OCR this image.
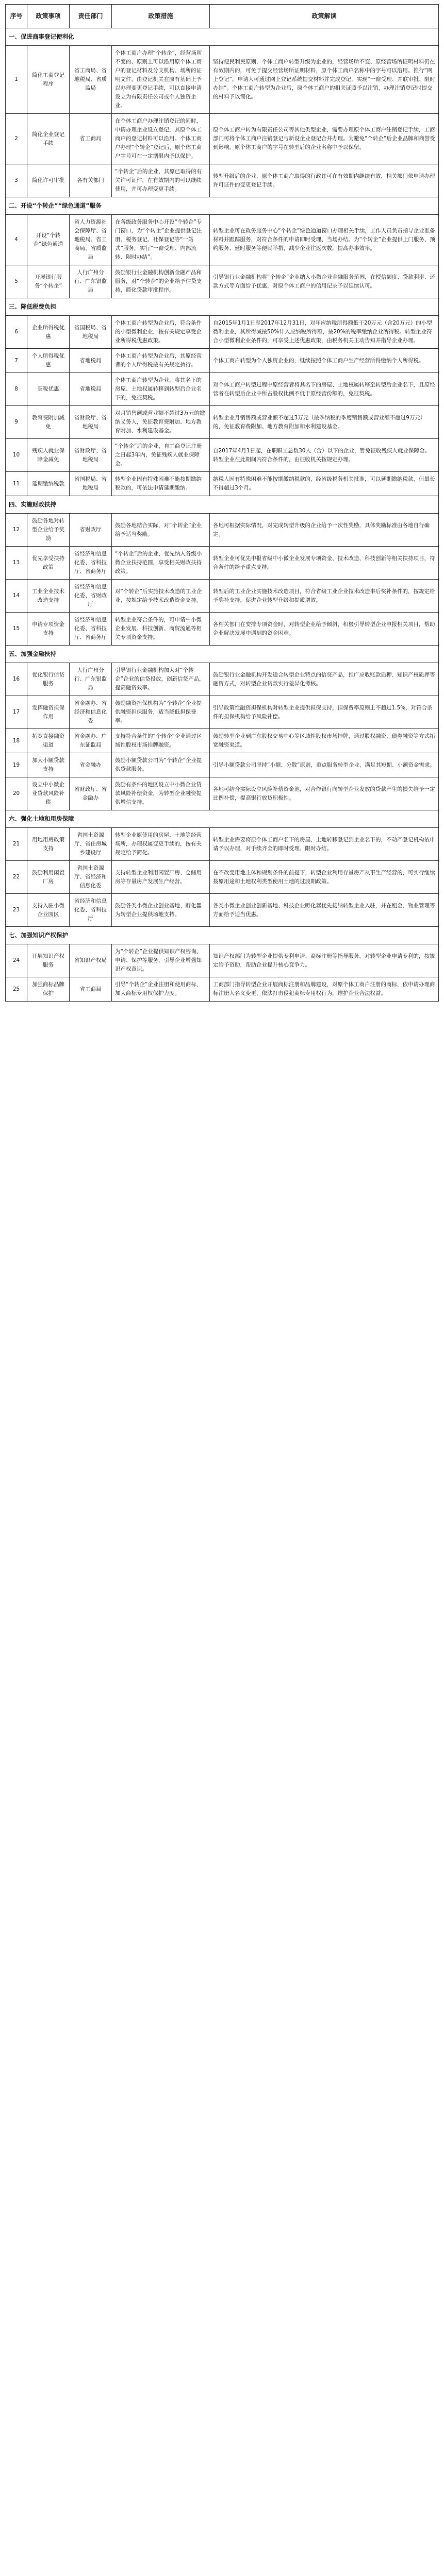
序号	政策事项	责任部门	政策措施	政策解读
一、促进商事登记便利化				
1	简化工商登记程序	省工商局、省地税局、省质监局	个体工商户办理“个转企”，经营场所不变的、原则上可以沿用原个体工商户的登记材料及分支机构、场所的证明文件，由登记机关在原有基础上予以办理变更登记手续，可以直接申请设立为有限责任公司或个人独资企业。	坚持便民利民原则，个体工商户转型升级为企业的，经营场所不变、原经营场所证明材料仍在有效期内的，可免于提交经营场所证明材料，原个体工商户名称中的字号可以沿用。推行“网上登记”，申请人可通过网上登记系统提交材料并完成登记，实现“一窗受理、并联审批、限时办结”。个体工商户转型为企业后，原个体工商户的相关证照予以注销，办理注销登记时提交的材料予以简化。
2	简化企业登记手续	省工商局	在个体工商户办理注销登记的同时，申请办理企业设立登记，其原个体工商户的登记材料可以沿用。个体工商户办理“个转企”登记后，原个体工商户字号可在一定期限内予以保护。	原个体工商户转为有限责任公司等其他类型企业，需要办理原个体工商户注销登记手续，工商部门可将个体工商户注销登记与新设企业登记合并办理。为避免“个转企”后企业品牌和商誉受到影响，原个体工商户的字号在转型后的企业名称中予以保留。
3	简化许可审批	各有关部门	“个转企”后的企业，其原已取得的有关许可证件，在有效期内的可以继续使用，并可办理变更手续。	转型升级后的企业，原个体工商户取得的行政许可在有效期内继续有效，相关部门依申请办理许可证件的变更登记手续。
二、开设“个转企”“绿色通道”服务				
4	开设“个转企”绿色通道	省人力资源社会保障厅、省地税局、省工商局、省质监局	在各级政务服务中心开设“个转企”专门窗口，为“个转企”企业提供登记注册、税务登记、社保登记等“一站式”服务，实行“一窗受理、内部流转、限时办结”。	转型企业可在政务服务中心“个转企”绿色通道窗口办理相关手续，工作人员负责指导企业准备材料并跟踪服务，对符合条件的申请即时受理、当场办结。为“个转企”企业提供上门服务、预约服务、延时服务等便民举措，减少企业往返次数，提高办事效率。
5	开展银行服务“个转企”	人行广州分行、广东银监局	鼓励银行业金融机构创新金融产品和服务，对“个转企”的企业给予信贷支持，简化贷款审批程序。	引导银行业金融机构将“个转企”企业纳入小微企业金融服务范围，在授信额度、贷款利率、还款方式等方面给予优惠，对原个体工商户的信用记录予以延续认可。
三、降低税费负担				
6	企业所得税优惠	省国税局、省地税局	个体工商户转型为企业后，符合条件的小型微利企业，按有关规定享受企业所得税优惠政策。	自2015年1月1日至2017年12月31日，对年应纳税所得额低于20万元（含20万元）的小型微利企业，其所得减按50%计入应纳税所得额，按20%的税率缴纳企业所得税。转型企业符合小型微利企业条件的，可享受上述优惠政策，由税务机关主动告知并指导企业办理。
7	个人所得税优惠	省地税局	个体工商户转型为企业后，其原经营者的个人所得税按有关规定执行。	个体工商户转型为个人独资企业的，继续按照个体工商户生产经营所得缴纳个人所得税。
8	契税优惠	省地税局	个体工商户转型为企业，将其名下的房屋、土地权属转移到转型后企业名下的，免征契税。	对个体工商户转型过程中原经营者将其名下的房屋、土地权属转移至转型后企业名下，且原经营者在转型后企业中所占股权比例不低于原经营份额的，免征契税。
9	教育费附加减免	省财政厅、省地税局	对月销售额或营业额不超过3万元的缴纳义务人，免征教育费附加、地方教育附加、水利建设基金。	转型企业月销售额或营业额不超过3万元（按季纳税的季度销售额或营业额不超过9万元）的，免征教育费附加、地方教育附加和水利建设基金。
10	残疾人就业保障金减免	省财政厅、省地税局	“个转企”后的企业，自工商登记注册之日起3年内，免征残疾人就业保障金。	自2017年4月1日起，在职职工总数30人（含）以下的企业，暂免征收残疾人就业保障金。转型企业在此期间内符合条件的，由征收机关按规定办理。
11	延期缴纳税款	省国税局、省地税局	转型企业因有特殊困难不能按期缴纳税款的，可依法申请延期缴纳。	纳税人因有特殊困难不能按期缴纳税款的，经省级税务机关批准，可以延期缴纳税款，但最长不得超过3个月。
四、实施财政扶持				
12	鼓励各地对转型企业给予奖励	省财政厅	鼓励各地结合实际，对“个转企”企业给予适当奖励。	各地可根据实际情况，对完成转型升级的企业给予一次性奖励，具体奖励标准由各地自行确定。
13	优先享受扶持政策	省经济和信息化委、省科技厅、省商务厅	“个转企”后的企业，优先纳入各级小微企业扶持范围，享受相关财政扶持政策。	转型企业可优先申报省级中小微企业发展专项资金、技术改造、科技创新等相关扶持项目，符合条件的给予重点支持。
14	工业企业技术改造支持	省经济和信息化委、省财政厅	对“个转企”后实施技术改造的工业企业，按规定给予技术改造资金支持。	转型后的工业企业实施技术改造项目，符合省级工业企业技术改造事后奖补条件的，按规定给予奖补支持，促进企业转型升级和提质增效。
15	申请专项资金支持	省经济和信息化委、省科技厅、省商务厅	转型企业符合条件的，可申请中小微企业发展、科技创新、商贸流通等相关专项资金支持。	各相关部门在安排专项资金时，对转型企业给予倾斜，积极引导转型企业申报相关项目，帮助企业解决发展中遇到的资金困难。
五、加强金融扶持				
16	优化银行信贷服务	人行广州分行、广东银监局	引导银行业金融机构加大对“个转企”企业的信贷投放，创新信贷产品，提高融资效率。	鼓励银行业金融机构开发适合转型企业特点的信贷产品，推广应收账款质押、知识产权质押等融资方式，对转型企业贷款实行差异化考核。
17	发挥融资担保作用	省金融办、省经济和信息化委	鼓励融资担保机构为“个转企”企业提供融资担保服务，适当降低担保费率。	引导政策性融资担保机构对转型企业提供担保支持，担保费率原则上不超过1.5%，对符合条件的担保机构给予风险补偿。
18	拓宽直接融资渠道	省金融办、广东证监局	支持符合条件的“个转企”企业通过区域性股权市场挂牌融资。	鼓励转型企业到广东股权交易中心等区域性股权市场挂牌，通过股权融资、债券融资等方式拓宽融资渠道。
19	加大小额贷款支持	省金融办	鼓励小额贷款公司为“个转企”企业提供贷款服务。	引导小额贷款公司坚持“小额、分散”原则，重点服务转型企业，满足其短期、小额资金需求。
20	设立中小微企业贷款风险补偿	省财政厅、省金融办	鼓励有条件的地区设立中小微企业贷款风险补偿资金，为转型企业融资提供增信支持。	各地可结合实际设立风险补偿资金池，对合作银行向转型企业发放的贷款产生的损失给予一定比例补偿，提高银行放贷积极性。
六、强化土地和用房保障				
21	用地用房政策支持	省国土资源厅、省住房城乡建设厅	转型企业原使用的房屋、土地等经营场所，办理权属变更手续的，按有关规定给予简化。	转型企业需要将原个体工商户名下的房屋、土地转移登记到企业名下的，不动产登记机构依申请予以办理，对手续齐全的即时受理、限时办结。
22	鼓励利用闲置厂房	省国土资源厅、省经济和信息化委	支持转型企业利用闲置厂房、仓储用房等存量房产发展生产经营。	在不改变用地主体和规划条件的前提下，转型企业利用存量房产从事生产经营的，可实行继续按原用途和土地权利类型使用土地的过渡期政策。
23	支持入驻小微企业园区	省经济和信息化委、省科技厅	鼓励各类小微企业创业基地、孵化器为转型企业提供场地支持。	各类小微企业创业创新基地、科技企业孵化器优先接纳转型企业入驻，并在租金、物业管理等方面给予适当优惠。
七、加强知识产权保护				
24	开展知识产权服务	省知识产权局	为“个转企”企业提供知识产权咨询、申请、保护等服务，引导企业增强知识产权意识。	知识产权部门为转型企业提供专利申请、商标注册等指导服务，对转型企业申请专利的，按规定给予资助，帮助企业提升核心竞争力。
25	加强商标品牌保护	省工商局	引导“个转企”企业注册和使用商标，加大商标专用权保护力度。	工商部门指导转型企业开展商标注册和品牌建设，对原个体工商户注册的商标，依申请办理商标注册人名义变更，依法打击侵犯商标专用权行为，维护企业合法权益。
